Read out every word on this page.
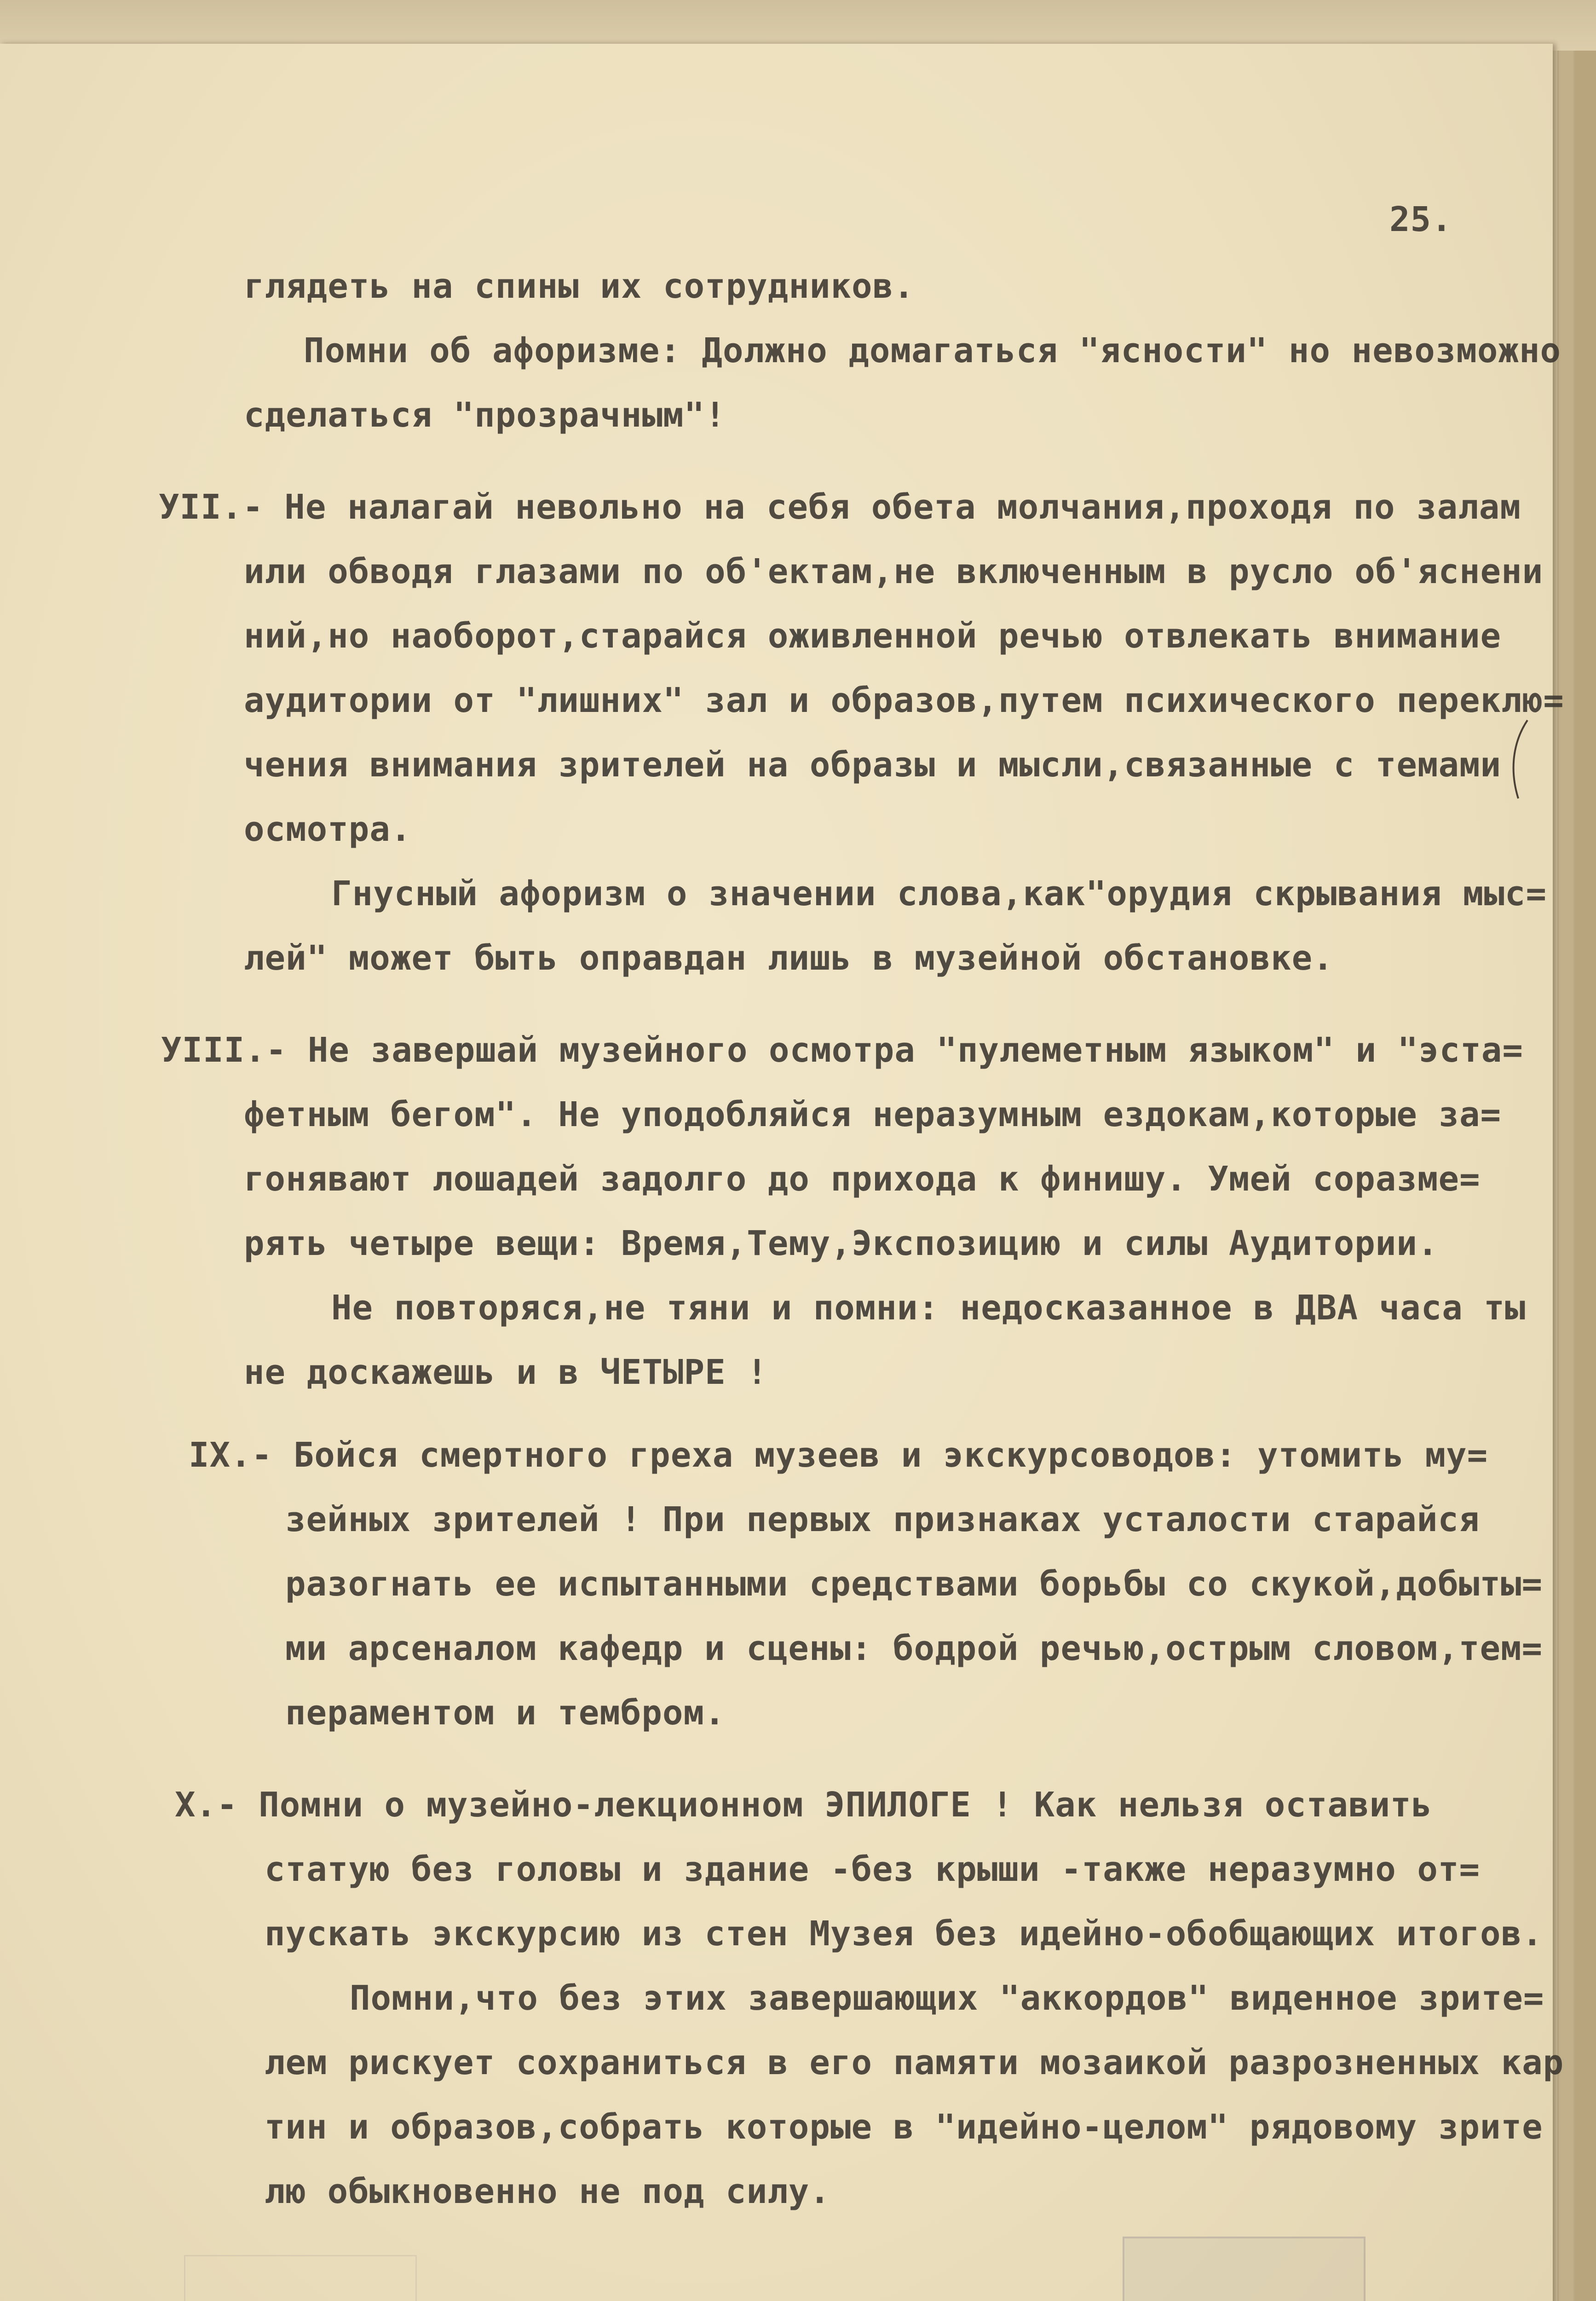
25.
глядеть на спины их сотрудников.
Помни об афоризме: Должно домагаться "ясности" но невозможно
сделаться "прозрачным"!
УII.- Не налагай невольно на себя обета молчания,проходя по залам
или обводя глазами по об'ектам,не включенным в русло об'яснени
ний,но наоборот,старайся оживленной речью отвлекать внимание
аудитории от "лишних" зал и образов,путем психического переклю=
чения внимания зрителей на образы и мысли,связанные с темами
осмотра.
Гнусный афоризм о значении слова,как"орудия скрывания мыс=
лей" может быть оправдан лишь в музейной обстановке.
УIII.- Не завершай музейного осмотра "пулеметным языком" и "эста=
фетным бегом". Не уподобляйся неразумным ездокам,которые за=
гонявают лошадей задолго до прихода к финишу. Умей соразме=
рять четыре вещи: Время,Тему,Экспозицию и силы Аудитории.
Не повторяся,не тяни и помни: недосказанное в ДВА часа ты
не доскажешь и в ЧЕТЫРЕ !
IX.- Бойся смертного греха музеев и экскурсоводов: утомить му=
зейных зрителей ! При первых признаках усталости старайся
разогнать ее испытанными средствами борьбы со скукой,добыты=
ми арсеналом кафедр и сцены: бодрой речью,острым словом,тем=
пераментом и тембром.
X.- Помни о музейно-лекционном ЭПИЛОГЕ ! Как нельзя оставить
статую без головы и здание -без крыши -также неразумно от=
пускать экскурсию из стен Музея без идейно-обобщающих итогов.
Помни,что без этих завершающих "аккордов" виденное зрите=
лем рискует сохраниться в его памяти мозаикой разрозненных кар
тин и образов,собрать которые в "идейно-целом" рядовому зрите
лю обыкновенно не под силу.
